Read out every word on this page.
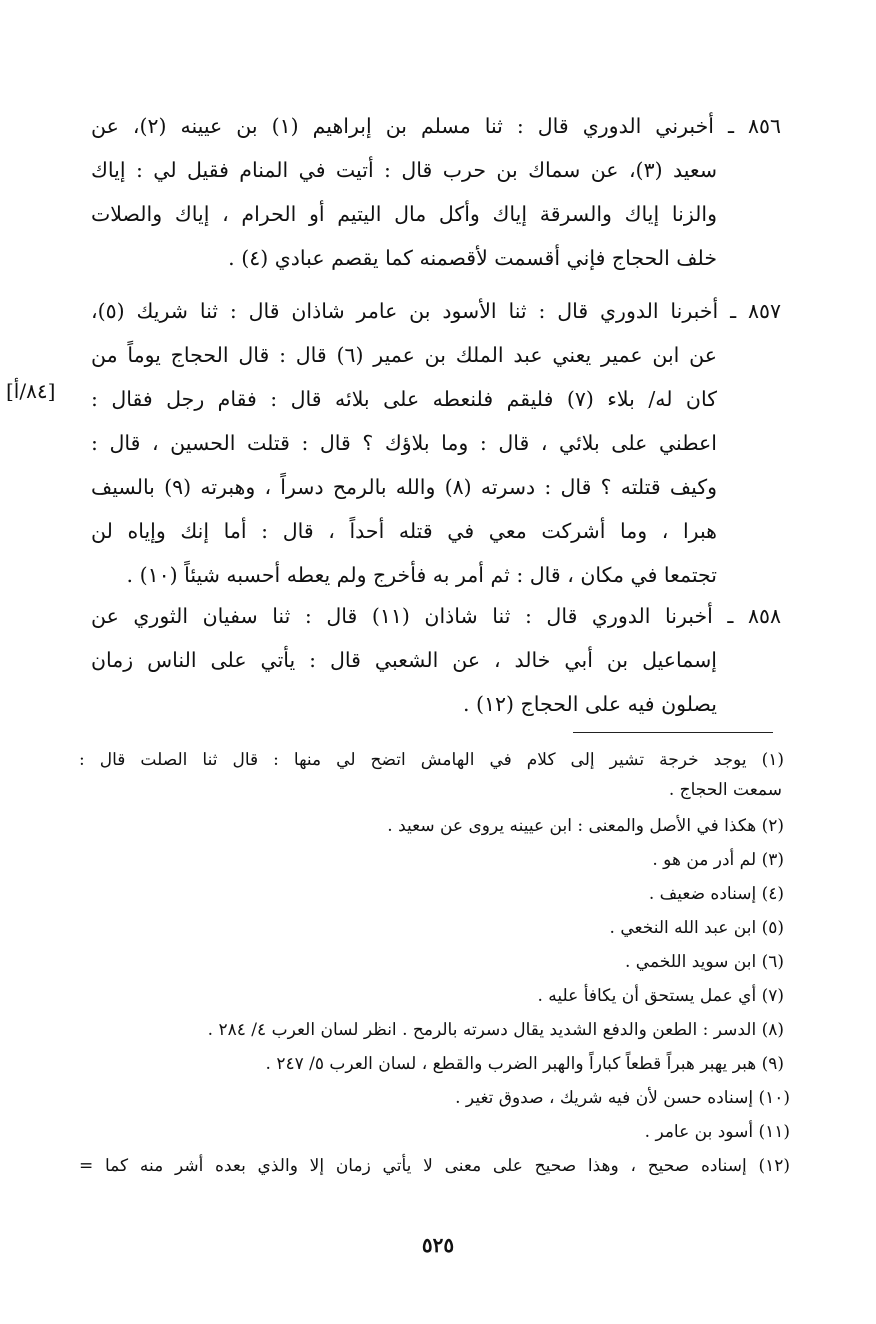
٨٥٦ ـ أخبرني الدوري قال : ثنا مسلم بن إبراهيم (١) بن عيينه (٢)، عن
سعيد (٣)، عن سماك بن حرب قال : أتيت في المنام فقيل لي : إياك
والزنا إياك والسرقة إياك وأكل مال اليتيم أو الحرام ، إياك والصلات
خلف الحجاج فإني أقسمت لأقصمنه كما يقصم عبادي (٤) .
٨٥٧ ـ أخبرنا الدوري قال : ثنا الأسود بن عامر شاذان قال : ثنا شريك (٥)،
عن ابن عمير يعني عبد الملك بن عمير (٦) قال : قال الحجاج يوماً من
كان له/ بلاء (٧) فليقم فلنعطه على بلائه قال : فقام رجل فقال :
اعطني على بلائي ، قال : وما بلاؤك ؟ قال : قتلت الحسين ، قال :
وكيف قتلته ؟ قال : دسرته (٨) والله بالرمح دسراً ، وهبرته (٩) بالسيف
هبرا ، وما أشركت معي في قتله أحداً ، قال : أما إنك وإياه لن
تجتمعا في مكان ، قال : ثم أمر به فأخرج ولم يعطه أحسبه شيئاً (١٠) .
[٨٤/أ]
٨٥٨ ـ أخبرنا الدوري قال : ثنا شاذان (١١) قال : ثنا سفيان الثوري عن
إسماعيل بن أبي خالد ، عن الشعبي قال : يأتي على الناس زمان
يصلون فيه على الحجاج (١٢) .
(١) يوجد خرجة تشير إلى كلام في الهامش اتضح لي منها : قال ثنا الصلت قال :
سمعت الحجاج .
(٢) هكذا في الأصل والمعنى : ابن عيينه يروى عن سعيد .
(٣) لم أدر من هو .
(٤) إسناده ضعيف .
(٥) ابن عبد الله النخعي .
(٦) ابن سويد اللخمي .
(٧) أي عمل يستحق أن يكافأ عليه .
(٨) الدسر : الطعن والدفع الشديد يقال دسرته بالرمح . انظر لسان العرب ٤/ ٢٨٤ .
(٩) هبر يهبر هبراً قطعاً كباراً والهبر الضرب والقطع ، لسان العرب ٥/ ٢٤٧ .
(١٠) إسناده حسن لأن فيه شريك ، صدوق تغير .
(١١) أسود بن عامر .
(١٢) إسناده صحيح ، وهذا صحيح على معنى لا يأتي زمان إلا والذي بعده أشر منه كما =
٥٢٥
